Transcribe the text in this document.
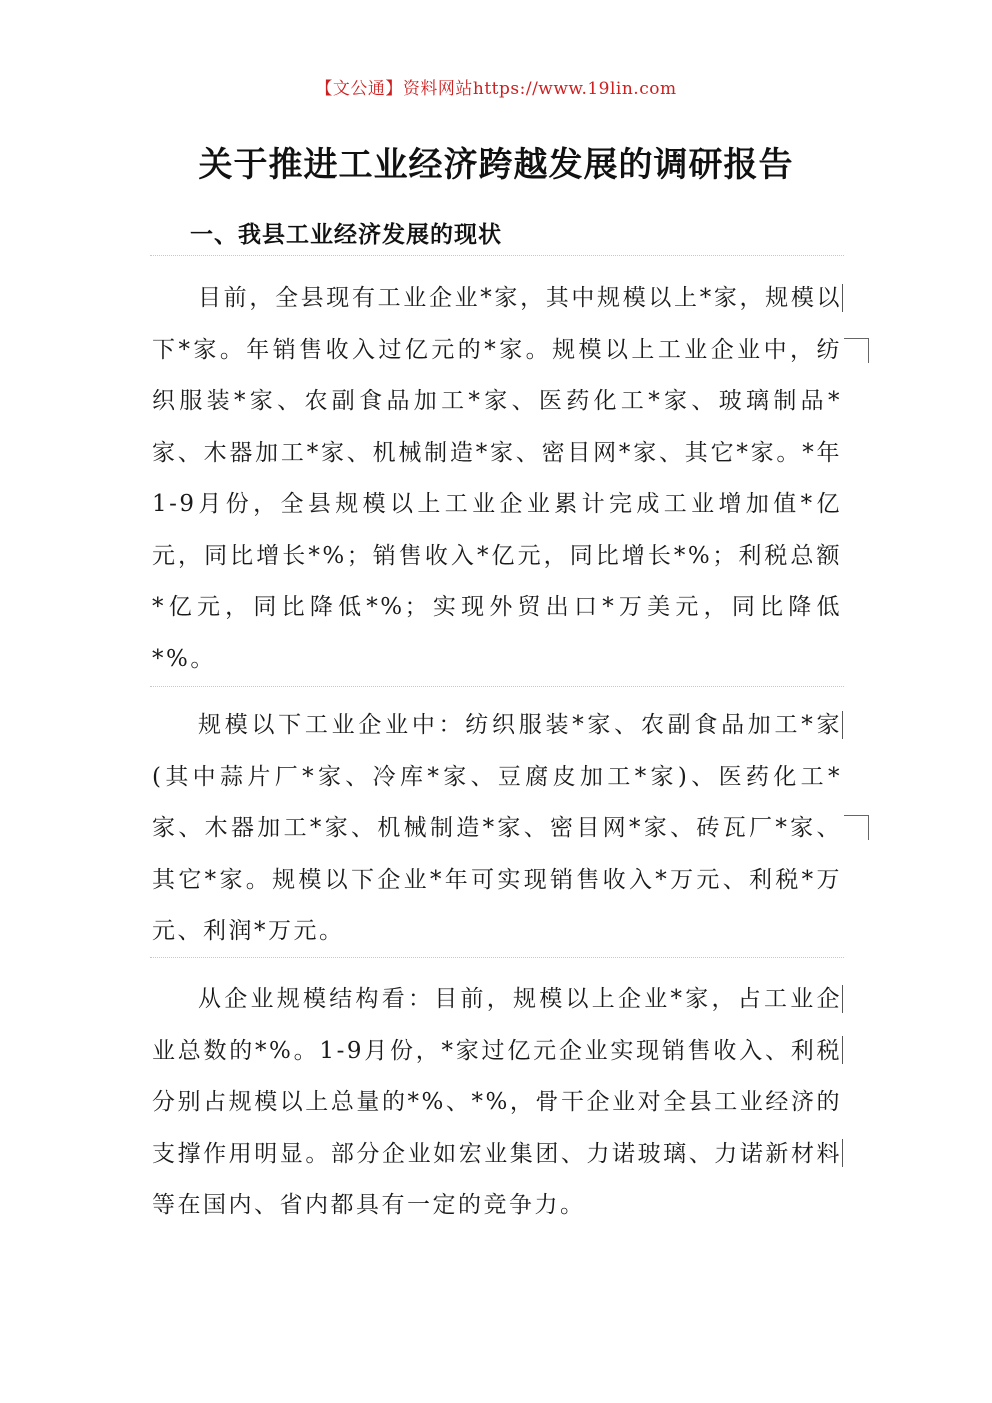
【文公通】资料网站https://www.19lin.com
关于推进工业经济跨越发展的调研报告
一、我县工业经济发展的现状
目前，全县现有工业企业*家，其中规模以上*家，规模以下*家。年销售收入过亿元的*家。规模以上工业企业中，纺织服装*家、农副食品加工*家、医药化工*家、玻璃制品*家、木器加工*家、机械制造*家、密目网*家、其它*家。*年1-9月份，全县规模以上工业企业累计完成工业增加值*亿元，同比增长*%；销售收入*亿元，同比增长*%；利税总额*亿元，同比降低*%；实现外贸出口*万美元，同比降低*%。
规模以下工业企业中：纺织服装*家、农副食品加工*家(其中蒜片厂*家、冷库*家、豆腐皮加工*家)、医药化工*家、木器加工*家、机械制造*家、密目网*家、砖瓦厂*家、其它*家。规模以下企业*年可实现销售收入*万元、利税*万元、利润*万元。
从企业规模结构看：目前，规模以上企业*家，占工业企业总数的*%。1-9月份，*家过亿元企业实现销售收入、利税分别占规模以上总量的*%、*%，骨干企业对全县工业经济的支撑作用明显。部分企业如宏业集团、力诺玻璃、力诺新材料等在国内、省内都具有一定的竞争力。
